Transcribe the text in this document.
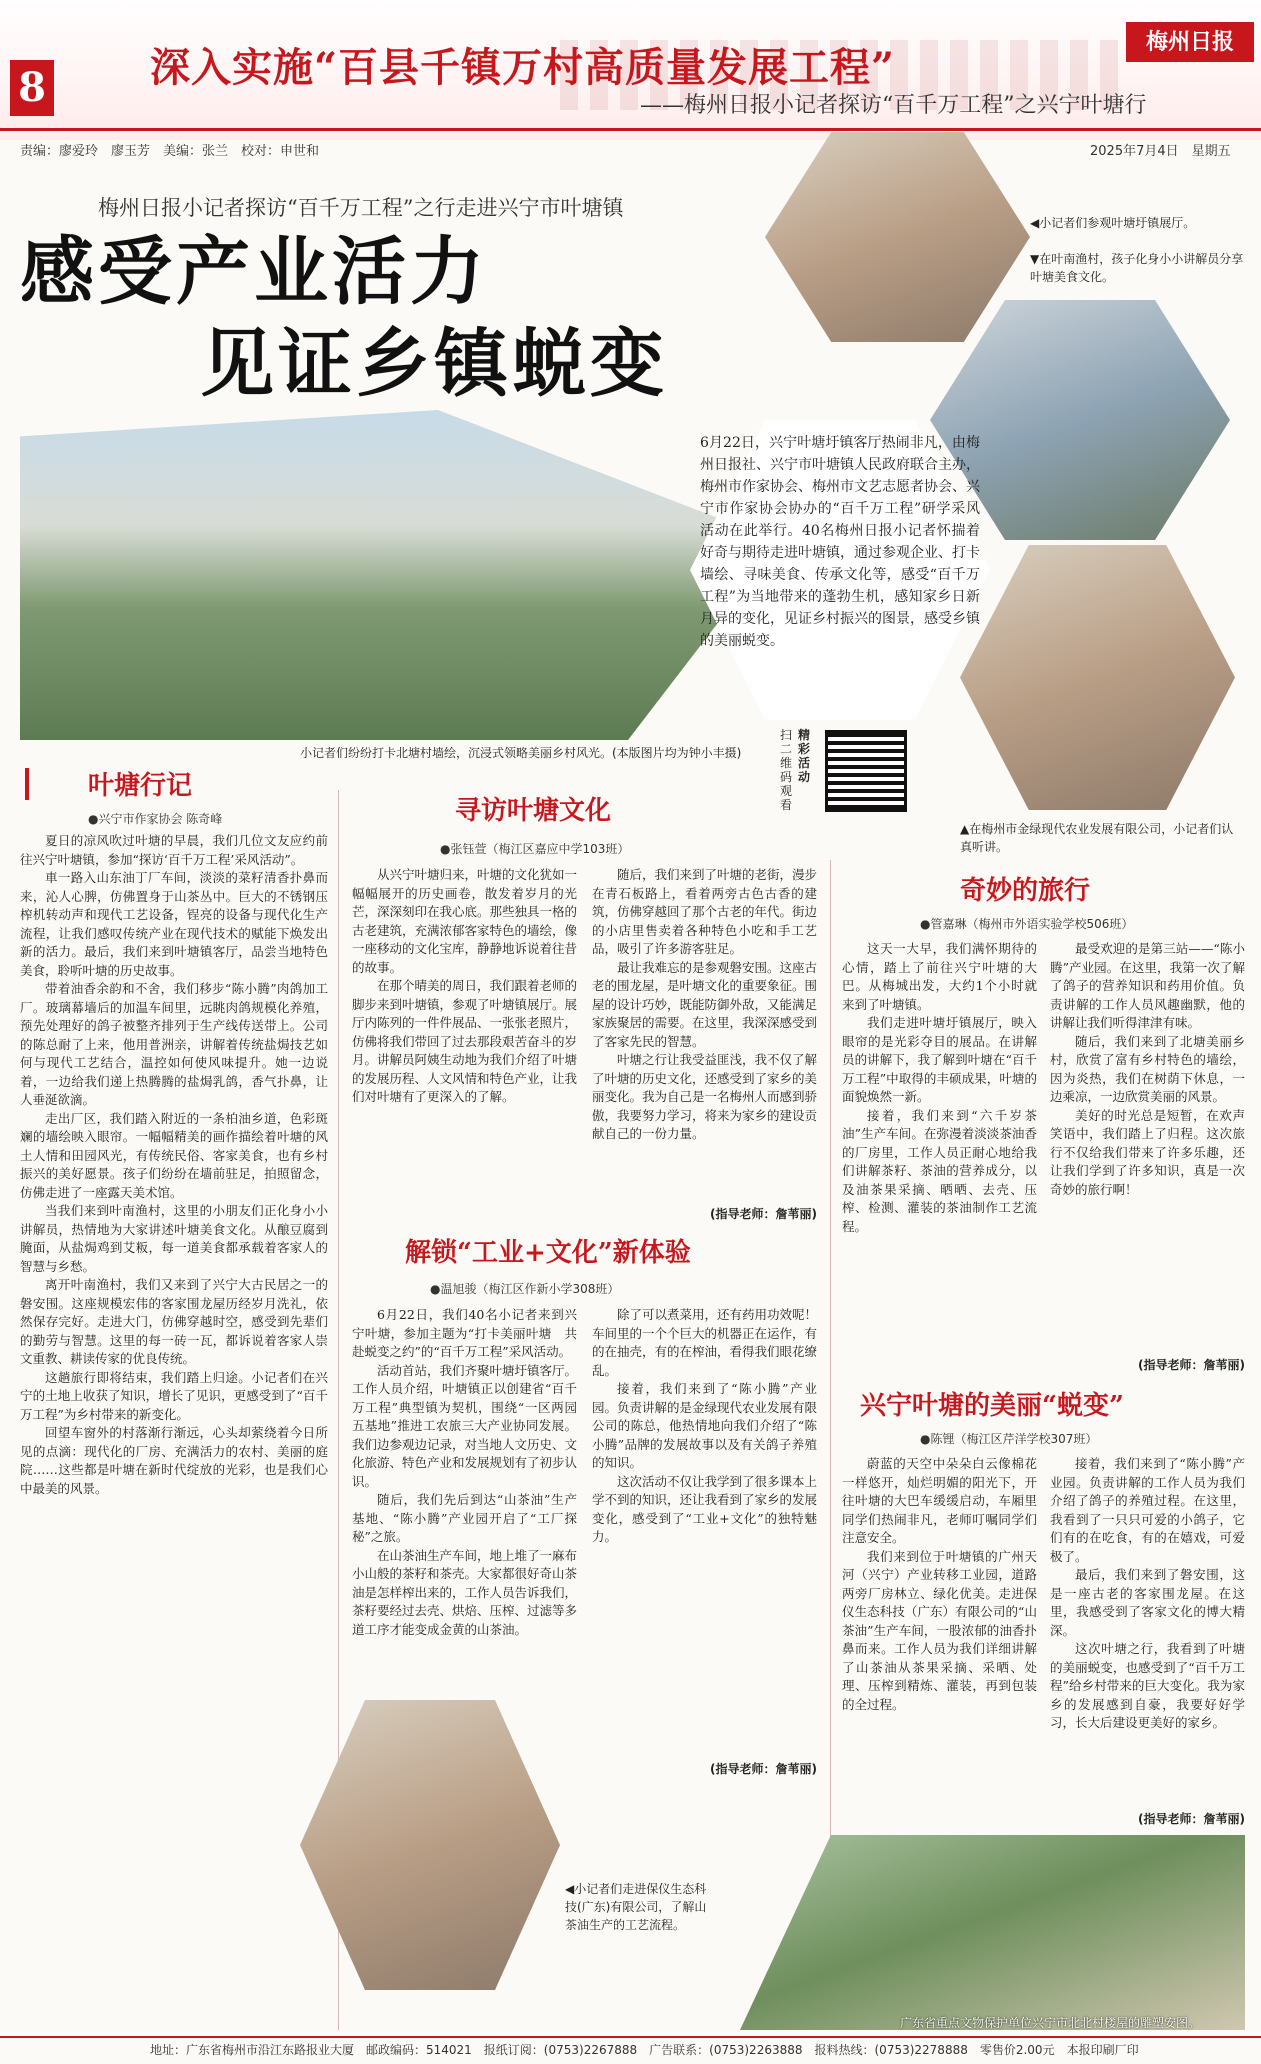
8	深入实施“百县千镇万村高质量发展工程”
——梅州日报小记者探访“百千万工程”之兴宁叶塘行
梅州日报
责编：廖爱玲　廖玉芳　美编：张兰　校对：申世和	2025年7月4日　星期五
梅州日报小记者探访“百千万工程”之行走进兴宁市叶塘镇
感受产业活力
见证乡镇蜕变
小记者们纷纷打卡北塘村墙绘，沉浸式领略美丽乡村风光。(本版图片均为钟小丰摄)
◀小记者们参观叶塘圩镇展厅。
▼在叶南渔村，孩子化身小小讲解员分享叶塘美食文化。
▲在梅州市金绿现代农业发展有限公司，小记者们认真听讲。
6月22日，兴宁叶塘圩镇客厅热闹非凡，由梅州日报社、兴宁市叶塘镇人民政府联合主办，梅州市作家协会、梅州市文艺志愿者协会、兴宁市作家协会协办的“百千万工程”研学采风活动在此举行。40名梅州日报小记者怀揣着好奇与期待走进叶塘镇，通过参观企业、打卡墙绘、寻味美食、传承文化等，感受“百千万工程”为当地带来的蓬勃生机，感知家乡日新月异的变化，见证乡村振兴的图景，感受乡镇的美丽蜕变。
精彩活动
扫二维码观看
叶塘行记
●兴宁市作家协会 陈奇峰

夏日的凉风吹过叶塘的早晨，我们几位文友应约前往兴宁叶塘镇，参加“探访‘百千万工程’采风活动”。

車一路入山东油丁厂车间，淡淡的菜籽清香扑鼻而来，沁人心脾，仿佛置身于山茶丛中。巨大的不锈钢压榨机转动声和现代工艺设备，锃亮的设备与现代化生产流程，让我们感叹传统产业在现代技术的赋能下焕发出新的活力。最后，我们来到叶塘镇客厅，品尝当地特色美食，聆听叶塘的历史故事。

带着油香余韵和不舍，我们移步“陈小腾”肉鸽加工厂。玻璃幕墙后的加温车间里，远眺肉鸽规模化养殖，预先处理好的鸽子被整齐排列于生产线传送带上。公司的陈总耐了上来，他用普洲亲，讲解着传统盐焗技艺如何与现代工艺结合，温控如何使风味提升。她一边说着，一边给我们递上热腾腾的盐焗乳鸽，香气扑鼻，让人垂涎欲滴。

走出厂区，我们踏入附近的一条柏油乡道，色彩斑斓的墙绘映入眼帘。一幅幅精美的画作描绘着叶塘的风土人情和田园风光，有传统民俗、客家美食，也有乡村振兴的美好愿景。孩子们纷纷在墙前驻足，拍照留念，仿佛走进了一座露天美术馆。

当我们来到叶南渔村，这里的小朋友们正化身小小讲解员，热情地为大家讲述叶塘美食文化。从酿豆腐到腌面，从盐焗鸡到艾粄，每一道美食都承载着客家人的智慧与乡愁。

离开叶南渔村，我们又来到了兴宁大古民居之一的磐安围。这座规模宏伟的客家围龙屋历经岁月洗礼，依然保存完好。走进大门，仿佛穿越时空，感受到先辈们的勤劳与智慧。这里的每一砖一瓦，都诉说着客家人崇文重教、耕读传家的优良传统。

这趟旅行即将结束，我们踏上归途。小记者们在兴宁的土地上收获了知识，增长了见识，更感受到了“百千万工程”为乡村带来的新变化。

回望车窗外的村落渐行渐远，心头却萦绕着今日所见的点滴：现代化的厂房、充满活力的农村、美丽的庭院……这些都是叶塘在新时代绽放的光彩，也是我们心中最美的风景。

寻访叶塘文化
●张钰萱（梅江区嘉应中学103班）

从兴宁叶塘归来，叶塘的文化犹如一幅幅展开的历史画卷，散发着岁月的光芒，深深刻印在我心底。那些独具一格的古老建筑，充满浓郁客家特色的墙绘，像一座移动的文化宝库，静静地诉说着往昔的故事。

在那个晴美的周日，我们跟着老师的脚步来到叶塘镇，参观了叶塘镇展厅。展厅内陈列的一件件展品、一张张老照片，仿佛将我们带回了过去那段艰苦奋斗的岁月。讲解员阿姨生动地为我们介绍了叶塘的发展历程、人文风情和特色产业，让我们对叶塘有了更深入的了解。

随后，我们来到了叶塘的老街，漫步在青石板路上，看着两旁古色古香的建筑，仿佛穿越回了那个古老的年代。街边的小店里售卖着各种特色小吃和手工艺品，吸引了许多游客驻足。

最让我难忘的是参观磐安围。这座古老的围龙屋，是叶塘文化的重要象征。围屋的设计巧妙，既能防御外敌，又能满足家族聚居的需要。在这里，我深深感受到了客家先民的智慧。

叶塘之行让我受益匪浅，我不仅了解了叶塘的历史文化，还感受到了家乡的美丽变化。我为自己是一名梅州人而感到骄傲，我要努力学习，将来为家乡的建设贡献自己的一份力量。

(指导老师：詹苇丽)
解锁“工业+文化”新体验
●温旭骏（梅江区作新小学308班）

6月22日，我们40名小记者来到兴宁叶塘，参加主题为“打卡美丽叶塘　共赴蜕变之约”的“百千万工程”采风活动。

活动首站，我们齐聚叶塘圩镇客厅。工作人员介绍，叶塘镇正以创建省“百千万工程”典型镇为契机，围绕“一区两园五基地”推进工农旅三大产业协同发展。我们边参观边记录，对当地人文历史、文化旅游、特色产业和发展规划有了初步认识。

随后，我们先后到达“山茶油”生产基地、“陈小腾”产业园开启了“工厂探秘”之旅。

在山茶油生产车间，地上堆了一麻布小山般的茶籽和茶壳。大家都很好奇山茶油是怎样榨出来的，工作人员告诉我们，茶籽要经过去壳、烘焙、压榨、过滤等多道工序才能变成金黄的山茶油。

除了可以煮菜用，还有药用功效呢！车间里的一个个巨大的机器正在运作，有的在抽壳，有的在榨油，看得我们眼花缭乱。

接着，我们来到了“陈小腾”产业园。负责讲解的是金绿现代农业发展有限公司的陈总，他热情地向我们介绍了“陈小腾”品牌的发展故事以及有关鸽子养殖的知识。

这次活动不仅让我学到了很多课本上学不到的知识，还让我看到了家乡的发展变化，感受到了“工业+文化”的独特魅力。

(指导老师：詹苇丽)
◀小记者们走进保仪生态科技(广东)有限公司，了解山茶油生产的工艺流程。
奇妙的旅行
●管嘉琳（梅州市外语实验学校506班）

这天一大早，我们满怀期待的心情，踏上了前往兴宁叶塘的大巴。从梅城出发，大约1个小时就来到了叶塘镇。

我们走进叶塘圩镇展厅，映入眼帘的是光彩夺目的展品。在讲解员的讲解下，我了解到叶塘在“百千万工程”中取得的丰硕成果，叶塘的面貌焕然一新。

接着，我们来到“六千岁茶油”生产车间。在弥漫着淡淡茶油香的厂房里，工作人员正耐心地给我们讲解茶籽、茶油的营养成分，以及油茶果采摘、晒晒、去壳、压榨、检测、灌装的茶油制作工艺流程。

最受欢迎的是第三站——“陈小腾”产业园。在这里，我第一次了解了鸽子的营养知识和药用价值。负责讲解的工作人员风趣幽默，他的讲解让我们听得津津有味。

随后，我们来到了北塘美丽乡村，欣赏了富有乡村特色的墙绘，因为炎热，我们在树荫下休息，一边乘凉，一边欣赏美丽的风景。

美好的时光总是短暂，在欢声笑语中，我们踏上了归程。这次旅行不仅给我们带来了许多乐趣，还让我们学到了许多知识，真是一次奇妙的旅行啊！

(指导老师：詹苇丽)
兴宁叶塘的美丽“蜕变”
●陈锂（梅江区芹洋学校307班）

蔚蓝的天空中朵朵白云像棉花一样悠开，灿烂明媚的阳光下，开往叶塘的大巴车缓缓启动，车厢里同学们热闹非凡，老师叮嘱同学们注意安全。

我们来到位于叶塘镇的广州天河（兴宁）产业转移工业园，道路两旁厂房林立、绿化优美。走进保仪生态科技（广东）有限公司的“山茶油”生产车间，一股浓郁的油香扑鼻而来。工作人员为我们详细讲解了山茶油从茶果采摘、采晒、处理、压榨到精炼、灌装，再到包装的全过程。

接着，我们来到了“陈小腾”产业园。负责讲解的工作人员为我们介绍了鸽子的养殖过程。在这里，我看到了一只只可爱的小鸽子，它们有的在吃食，有的在嬉戏，可爱极了。

最后，我们来到了磐安围，这是一座古老的客家围龙屋。在这里，我感受到了客家文化的博大精深。

这次叶塘之行，我看到了叶塘的美丽蜕变，也感受到了“百千万工程”给乡村带来的巨大变化。我为家乡的发展感到自豪，我要好好学习，长大后建设更美好的家乡。

(指导老师：詹苇丽)
广东省重点文物保护单位兴宁市北北村楼屋的雕塑安图。
地址：广东省梅州市沿江东路报业大厦　邮政编码：514021　报纸订阅：(0753)2267888　广告联系：(0753)2263888　报料热线：(0753)2278888　零售价2.00元　本报印刷厂印
